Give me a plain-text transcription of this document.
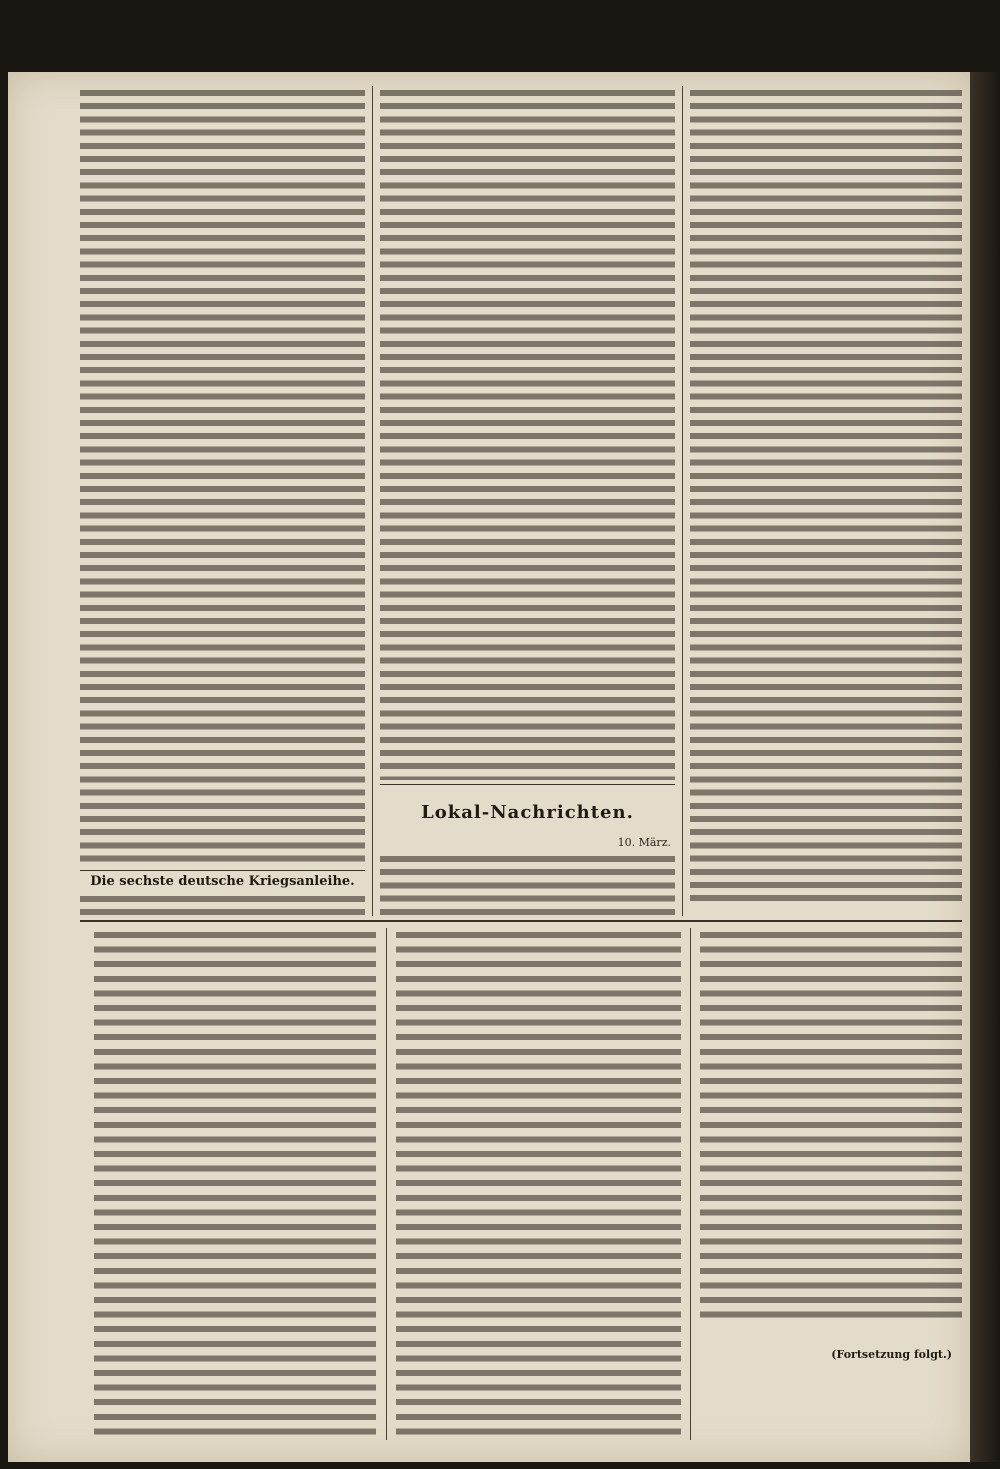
Die sechste deutsche Kriegsanleihe.
Lokal-Nachrichten.
10. März.
(Fortsetzung folgt.)
